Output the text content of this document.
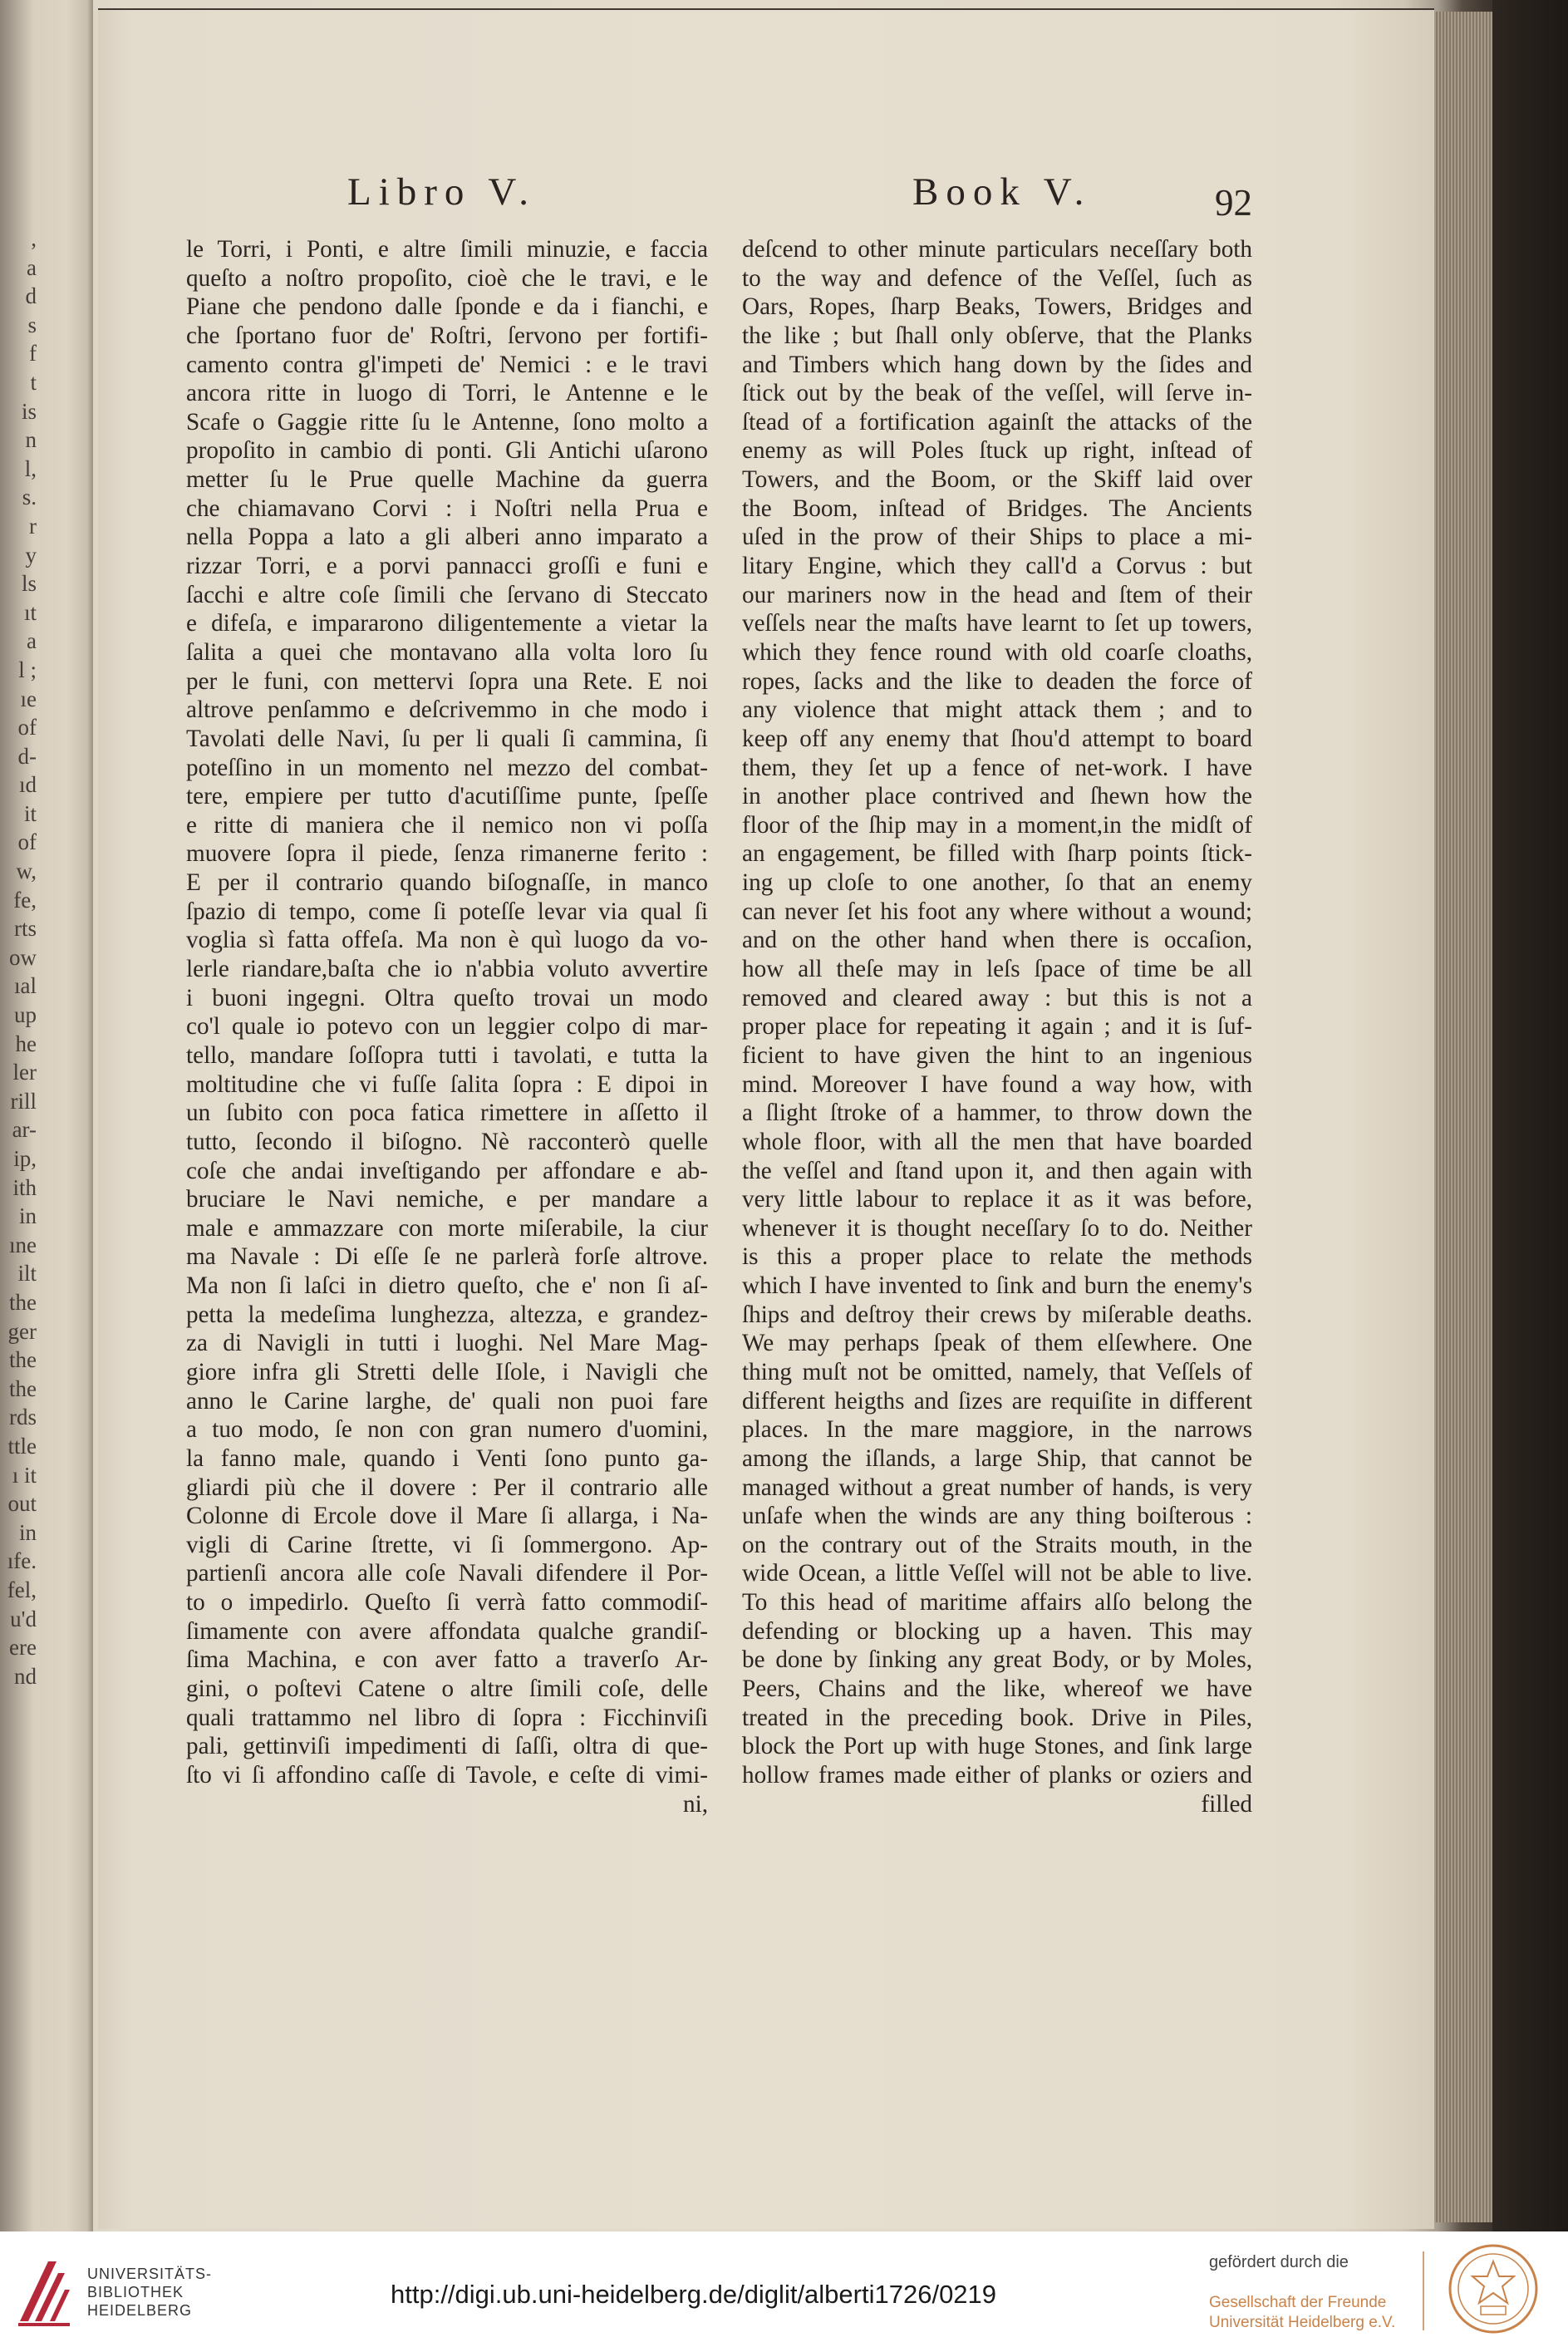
,
a
d
s
f
t
is
n
l,
s.
r
y
ls
ıt
a
l ;
ıe
of
d-
ıd
it
of
w,
fe,
rts
ow
ıal
up
he
ler
rill
ar-
ip,
ith
in
ıne
ilt
the
ger
the
the
rds
ttle
ı it
out
in
ıfe.
fel,
u'd
ere
nd
Libro V.	Book V.	92
le Torri, i Ponti, e altre ſimili minuzie, e faccia
queſto a noſtro propoſito, cioè che le travi, e le
Piane che pendono dalle ſponde e da i fianchi, e
che ſportano fuor de' Roſtri, ſervono per fortifi-
camento contra gl'impeti de' Nemici : e le travi
ancora ritte in luogo di Torri, le Antenne e le
Scafe o Gaggie ritte ſu le Antenne, ſono molto a
propoſito in cambio di ponti. Gli Antichi uſarono
metter ſu le Prue quelle Machine da guerra
che chiamavano Corvi : i Noſtri nella Prua e
nella Poppa a lato a gli alberi anno imparato a
rizzar Torri, e a porvi pannacci groſſi e funi e
ſacchi e altre coſe ſimili che ſervano di Steccato
e difeſa, e impararono diligentemente a vietar la
ſalita a quei che montavano alla volta loro ſu
per le funi, con mettervi ſopra una Rete. E noi
altrove penſammo e deſcrivemmo in che modo i
Tavolati delle Navi, ſu per li quali ſi cammina, ſi
poteſſino in un momento nel mezzo del combat-
tere, empiere per tutto d'acutiſſime punte, ſpeſſe
e ritte di maniera che il nemico non vi poſſa
muovere ſopra il piede, ſenza rimanerne ferito :
E per il contrario quando biſognaſſe, in manco
ſpazio di tempo, come ſi poteſſe levar via qual ſi
voglia sì fatta offeſa. Ma non è quì luogo da vo-
lerle riandare,baſta che io n'abbia voluto avvertire
i buoni ingegni. Oltra queſto trovai un modo
co'l quale io potevo con un leggier colpo di mar-
tello, mandare ſoſſopra tutti i tavolati, e tutta la
moltitudine che vi fuſſe ſalita ſopra : E dipoi in
un ſubito con poca fatica rimettere in aſſetto il
tutto, ſecondo il biſogno. Nè racconterò quelle
coſe che andai inveſtigando per affondare e ab-
bruciare le Navi nemiche, e per mandare a
male e ammazzare con morte miſerabile, la ciur
ma Navale : Di eſſe ſe ne parlerà forſe altrove.
Ma non ſi laſci in dietro queſto, che e' non ſi aſ-
petta la medeſima lunghezza, altezza, e grandez-
za di Navigli in tutti i luoghi. Nel Mare Mag-
giore infra gli Stretti delle Iſole, i Navigli che
anno le Carine larghe, de' quali non puoi fare
a tuo modo, ſe non con gran numero d'uomini,
la fanno male, quando i Venti ſono punto ga-
gliardi più che il dovere : Per il contrario alle
Colonne di Ercole dove il Mare ſi allarga, i Na-
vigli di Carine ſtrette, vi ſi ſommergono. Ap-
partienſi ancora alle coſe Navali difendere il Por-
to o impedirlo. Queſto ſi verrà fatto commodiſ-
ſimamente con avere affondata qualche grandiſ-
ſima Machina, e con aver fatto a traverſo Ar-
gini, o poſtevi Catene o altre ſimili coſe, delle
quali trattammo nel libro di ſopra : Ficchinviſi
pali, gettinviſi impedimenti di ſaſſi, oltra di que-
ſto vi ſi affondino caſſe di Tavole, e ceſte di vimi-
ni,
deſcend to other minute particulars neceſſary both
to the way and defence of the Veſſel, ſuch as
Oars, Ropes, ſharp Beaks, Towers, Bridges and
the like ; but ſhall only obſerve, that the Planks
and Timbers which hang down by the ſides and
ſtick out by the beak of the veſſel, will ſerve in-
ſtead of a fortification againſt the attacks of the
enemy as will Poles ſtuck up right, inſtead of
Towers, and the Boom, or the Skiff laid over
the Boom, inſtead of Bridges. The Ancients
uſed in the prow of their Ships to place a mi-
litary Engine, which they call'd a Corvus : but
our mariners now in the head and ſtem of their
veſſels near the maſts have learnt to ſet up towers,
which they fence round with old coarſe cloaths,
ropes, ſacks and the like to deaden the force of
any violence that might attack them ; and to
keep off any enemy that ſhou'd attempt to board
them, they ſet up a fence of net-work. I have
in another place contrived and ſhewn how the
floor of the ſhip may in a moment,in the midſt of
an engagement, be filled with ſharp points ſtick-
ing up cloſe to one another, ſo that an enemy
can never ſet his foot any where without a wound;
and on the other hand when there is occaſion,
how all theſe may in leſs ſpace of time be all
removed and cleared away : but this is not a
proper place for repeating it again ; and it is ſuf-
ficient to have given the hint to an ingenious
mind. Moreover I have found a way how, with
a ſlight ſtroke of a hammer, to throw down the
whole floor, with all the men that have boarded
the veſſel and ſtand upon it, and then again with
very little labour to replace it as it was before,
whenever it is thought neceſſary ſo to do. Neither
is this a proper place to relate the methods
which I have invented to ſink and burn the enemy's
ſhips and deſtroy their crews by miſerable deaths.
We may perhaps ſpeak of them elſewhere. One
thing muſt not be omitted, namely, that Veſſels of
different heigths and ſizes are requiſite in different
places. In the mare maggiore, in the narrows
among the iſlands, a large Ship, that cannot be
managed without a great number of hands, is very
unſafe when the winds are any thing boiſterous :
on the contrary out of the Straits mouth, in the
wide Ocean, a little Veſſel will not be able to live.
To this head of maritime affairs alſo belong the
defending or blocking up a haven. This may
be done by ſinking any great Body, or by Moles,
Peers, Chains and the like, whereof we have
treated in the preceding book. Drive in Piles,
block the Port up with huge Stones, and ſink large
hollow frames made either of planks or oziers and
filled
UNIVERSITÄTS-
BIBLIOTHEK
HEIDELBERG
http://digi.ub.uni-heidelberg.de/diglit/alberti1726/0219
gefördert durch die
Gesellschaft der Freunde
Universität Heidelberg e.V.
